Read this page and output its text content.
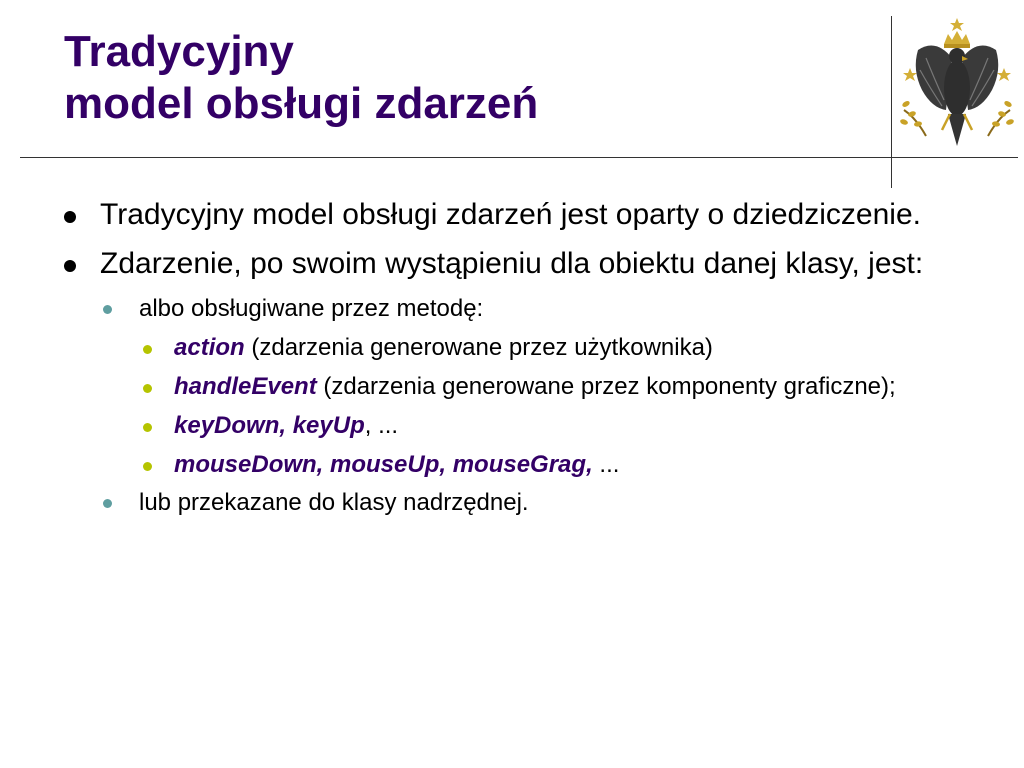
Tradycyjny
model obsługi zdarzeń
Tradycyjny model obsługi zdarzeń jest oparty o dziedziczenie.
Zdarzenie, po swoim wystąpieniu dla obiektu danej klasy, jest:
albo obsługiwane przez metodę:
action (zdarzenia generowane przez użytkownika)
handleEvent (zdarzenia generowane przez komponenty graficzne);
keyDown, keyUp, ...
mouseDown, mouseUp, mouseGrag, ...
lub przekazane do klasy nadrzędnej.
